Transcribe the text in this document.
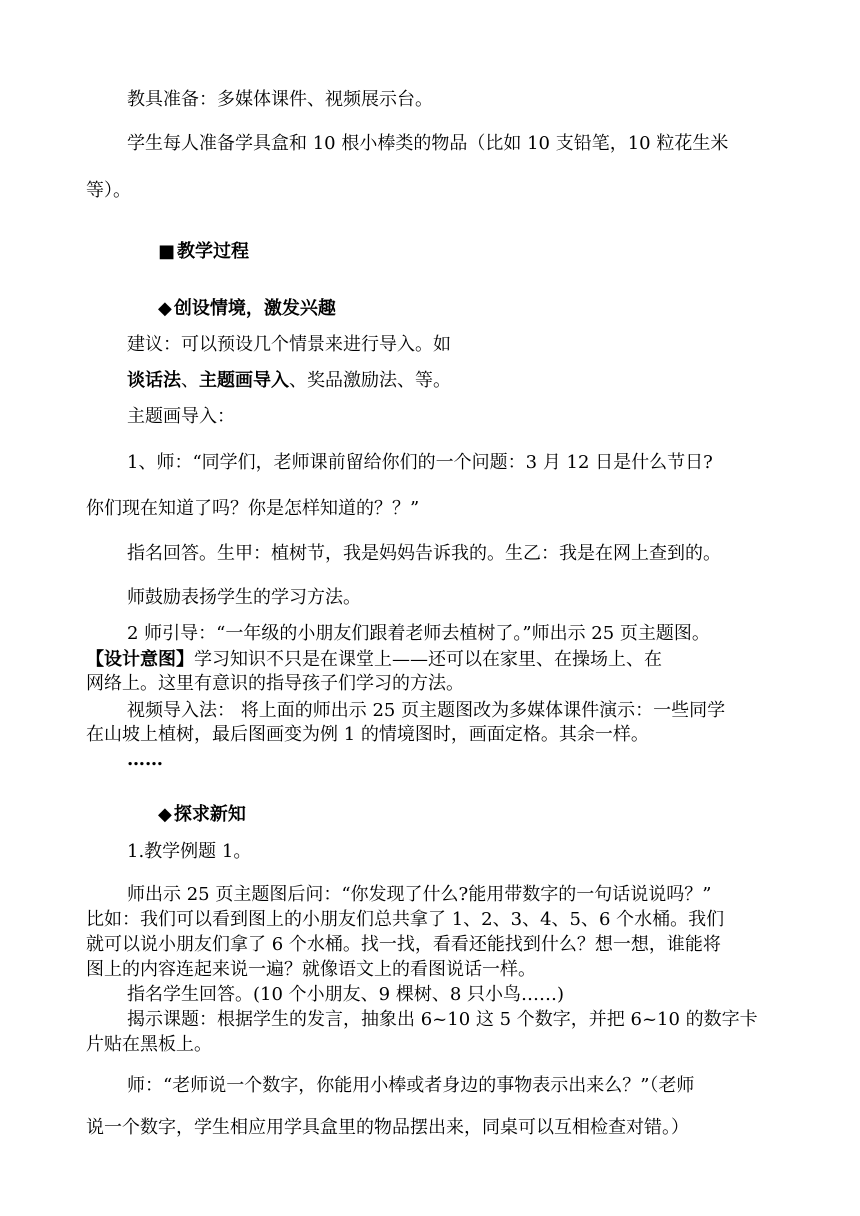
教具准备：多媒体课件、视频展示台。
学生每人准备学具盒和 10 根小棒类的物品（比如 10 支铅笔，10 粒花生米
等）。
■ 教学过程
◆ 创设情境，激发兴趣
建议：可以预设几个情景来进行导入。如
谈话法、主题画导入、奖品激励法、等。
主题画导入：
1、师：“同学们，老师课前留给你们的一个问题：3 月 12 日是什么节日?
你们现在知道了吗？你是怎样知道的？？”
指名回答。生甲：植树节，我是妈妈告诉我的。生乙：我是在网上查到的。
师鼓励表扬学生的学习方法。
2 师引导：“一年级的小朋友们跟着老师去植树了。”师出示 25 页主题图。
【设计意图】学习知识不只是在课堂上——还可以在家里、在操场上、在
网络上。这里有意识的指导孩子们学习的方法。
视频导入法： 将上面的师出示 25 页主题图改为多媒体课件演示：一些同学
在山坡上植树，最后图画变为例 1 的情境图时，画面定格。其余一样。
……
◆ 探求新知
1.教学例题 1。
师出示 25 页主题图后问：“你发现了什么?能用带数字的一句话说说吗？”
比如：我们可以看到图上的小朋友们总共拿了 1、2、3、4、5、6 个水桶。我们
就可以说小朋友们拿了 6 个水桶。找一找，看看还能找到什么？想一想，谁能将
图上的内容连起来说一遍？就像语文上的看图说话一样。
指名学生回答。(10 个小朋友、9 棵树、8 只小鸟……)
揭示课题：根据学生的发言，抽象出 6~10 这 5 个数字，并把 6~10 的数字卡
片贴在黑板上。
师：“老师说一个数字，你能用小棒或者身边的事物表示出来么？”（老师
说一个数字，学生相应用学具盒里的物品摆出来，同桌可以互相检查对错。）
